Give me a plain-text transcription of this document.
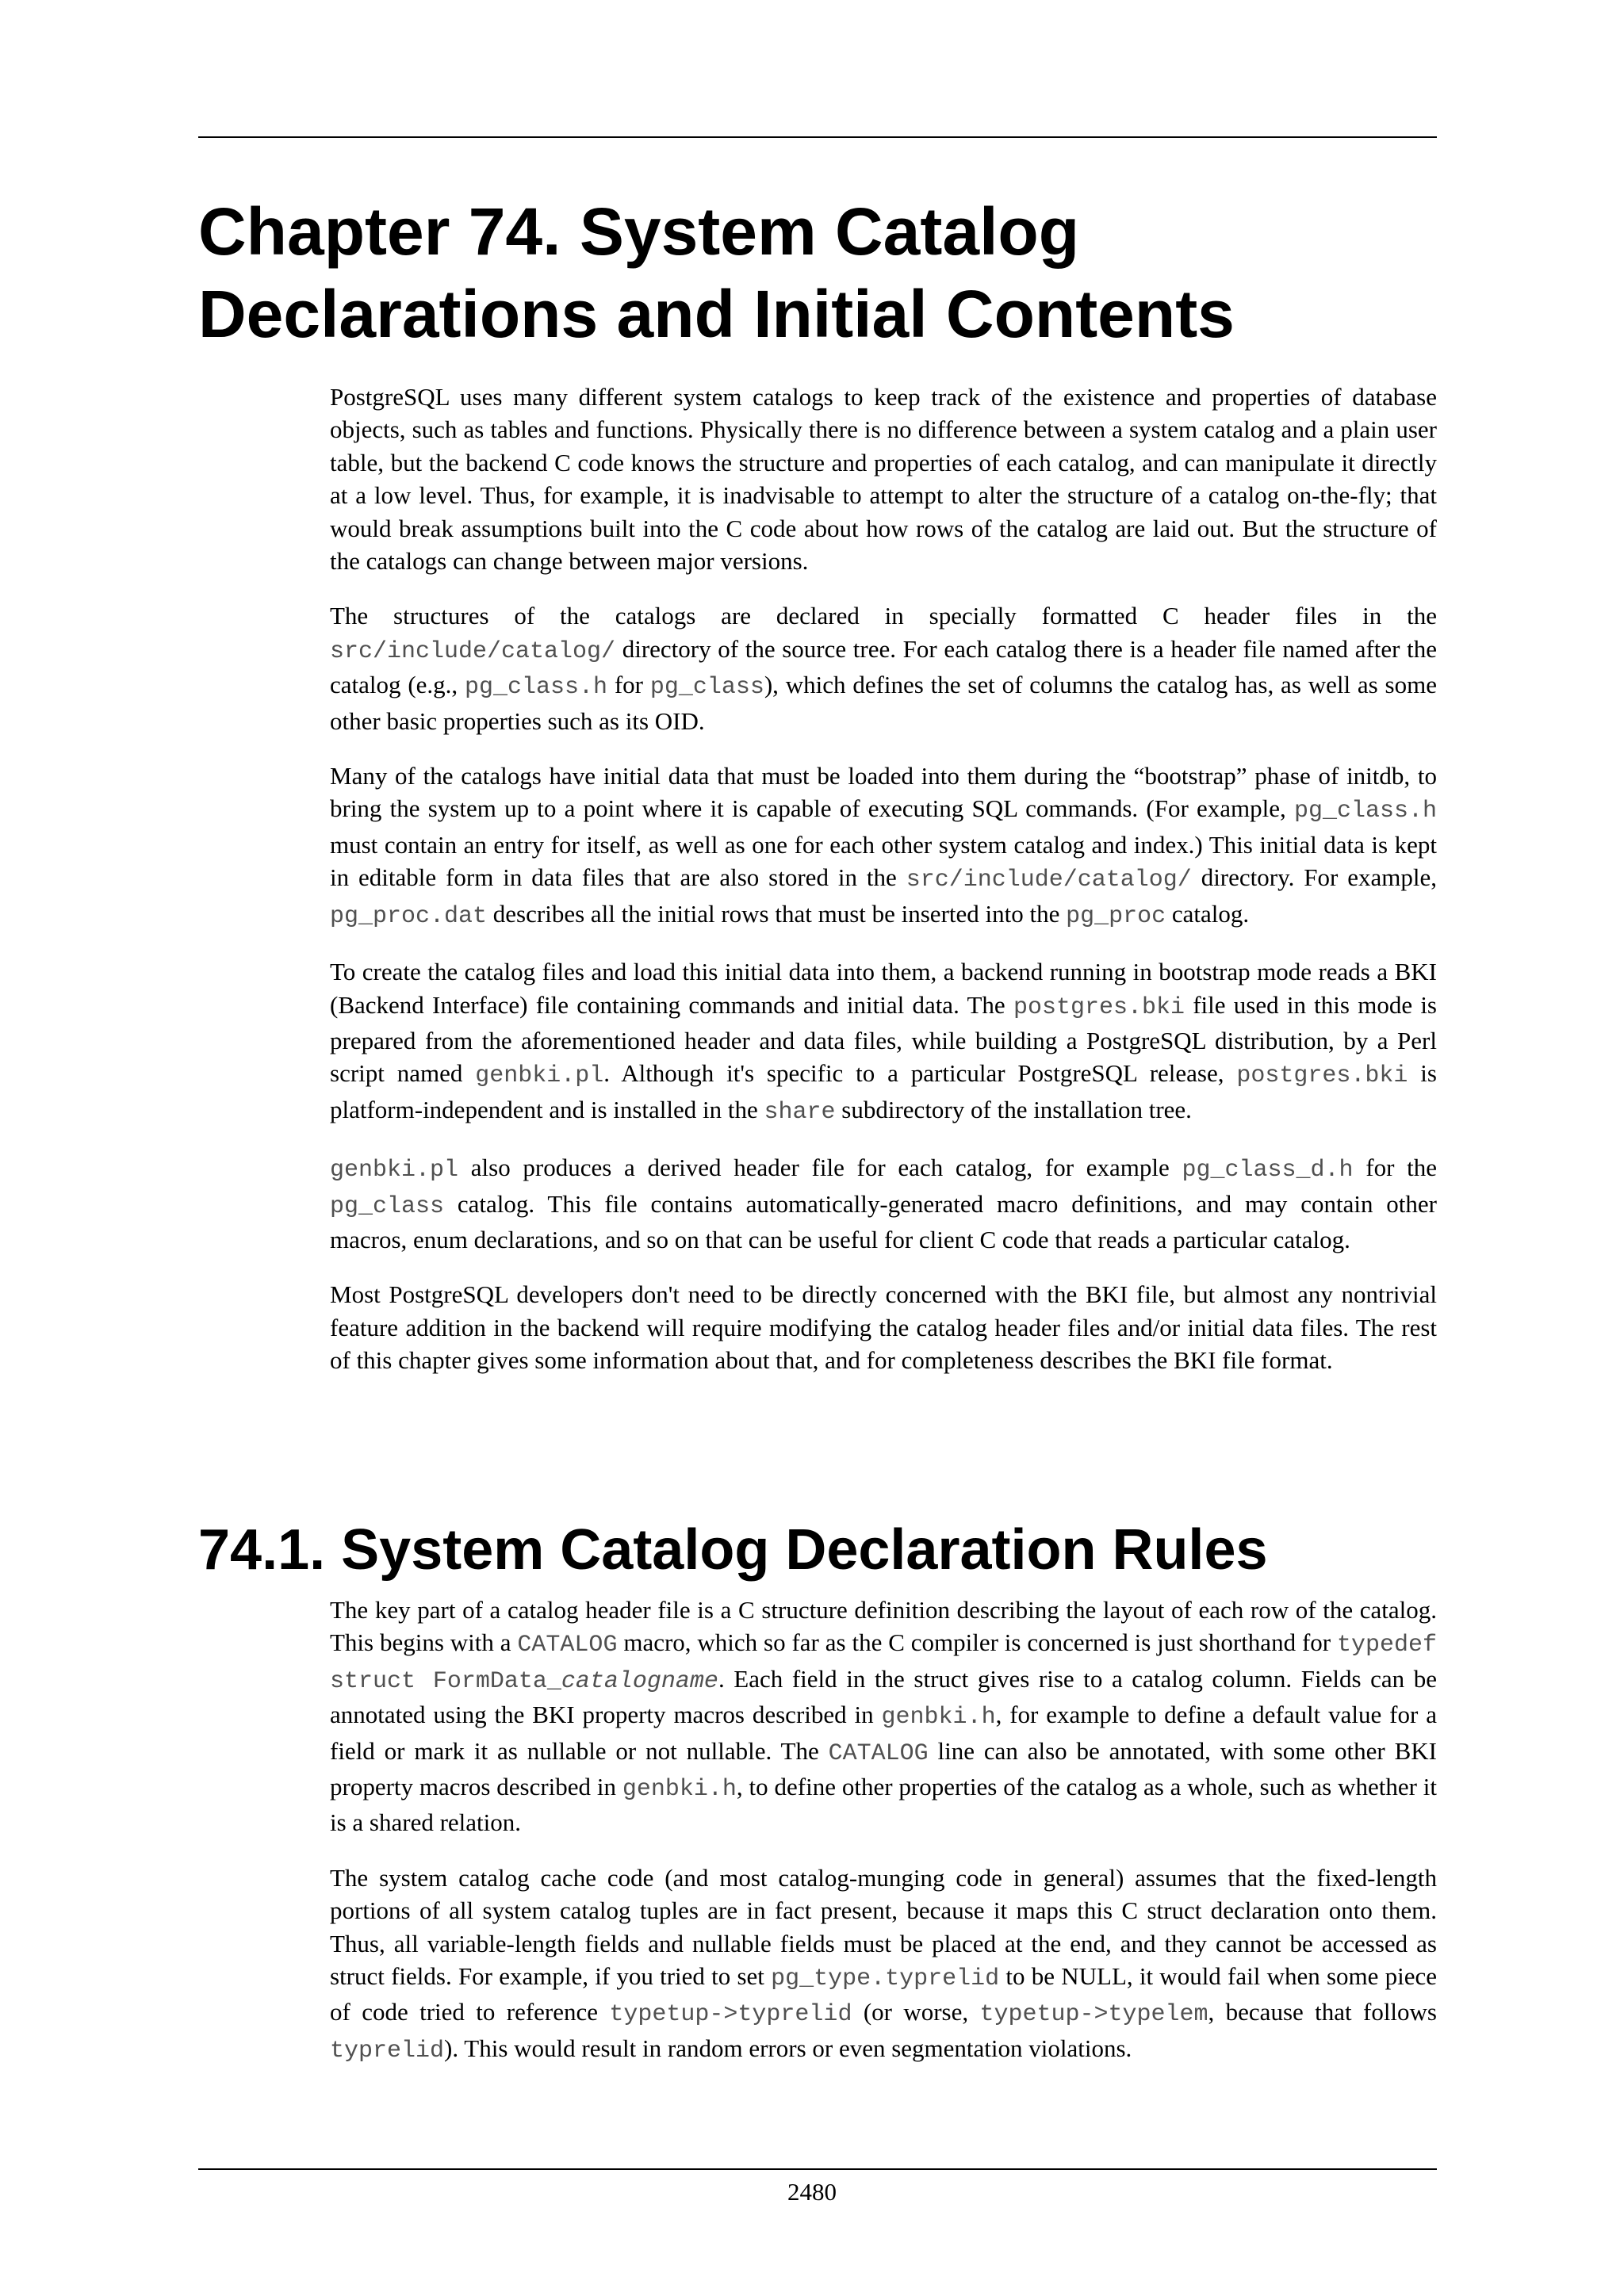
Chapter 74. System Catalog Declarations and Initial Contents

PostgreSQL uses many different system catalogs to keep track of the existence and properties of database objects, such as tables and functions. Physically there is no difference between a system catalog and a plain user table, but the backend C code knows the structure and properties of each catalog, and can manipulate it directly at a low level. Thus, for example, it is inadvisable to attempt to alter the structure of a catalog on-the-fly; that would break assumptions built into the C code about how rows of the catalog are laid out. But the structure of the catalogs can change between major versions.

The structures of the catalogs are declared in specially formatted C header files in the src/include/catalog/ directory of the source tree. For each catalog there is a header file named after the catalog (e.g., pg_class.h for pg_class), which defines the set of columns the catalog has, as well as some other basic properties such as its OID.

Many of the catalogs have initial data that must be loaded into them during the “bootstrap” phase of initdb, to bring the system up to a point where it is capable of executing SQL commands. (For example, pg_class.h must contain an entry for itself, as well as one for each other system catalog and index.) This initial data is kept in editable form in data files that are also stored in the src/include/catalog/ directory. For example, pg_proc.dat describes all the initial rows that must be inserted into the pg_proc catalog.

To create the catalog files and load this initial data into them, a backend running in bootstrap mode reads a BKI (Backend Interface) file containing commands and initial data. The postgres.bki file used in this mode is prepared from the aforementioned header and data files, while building a PostgreSQL distribution, by a Perl script named genbki.pl. Although it's specific to a particular PostgreSQL release, postgres.bki is platform-independent and is installed in the share subdirectory of the installation tree.

genbki.pl also produces a derived header file for each catalog, for example pg_class_d.h for the pg_class catalog. This file contains automatically-generated macro definitions, and may contain other macros, enum declarations, and so on that can be useful for client C code that reads a particular catalog.

Most PostgreSQL developers don't need to be directly concerned with the BKI file, but almost any nontrivial feature addition in the backend will require modifying the catalog header files and/or initial data files. The rest of this chapter gives some information about that, and for completeness describes the BKI file format.

74.1. System Catalog Declaration Rules

The key part of a catalog header file is a C structure definition describing the layout of each row of the catalog. This begins with a CATALOG macro, which so far as the C compiler is concerned is just shorthand for typedef struct FormData_catalogname. Each field in the struct gives rise to a catalog column. Fields can be annotated using the BKI property macros described in genbki.h, for example to define a default value for a field or mark it as nullable or not nullable. The CATALOG line can also be annotated, with some other BKI property macros described in genbki.h, to define other properties of the catalog as a whole, such as whether it is a shared relation.

The system catalog cache code (and most catalog-munging code in general) assumes that the fixed-length portions of all system catalog tuples are in fact present, because it maps this C struct declaration onto them. Thus, all variable-length fields and nullable fields must be placed at the end, and they cannot be accessed as struct fields. For example, if you tried to set pg_type.typrelid to be NULL, it would fail when some piece of code tried to reference typetup->typrelid (or worse, typetup->typelem, because that follows typrelid). This would result in random errors or even segmentation violations.

2480
